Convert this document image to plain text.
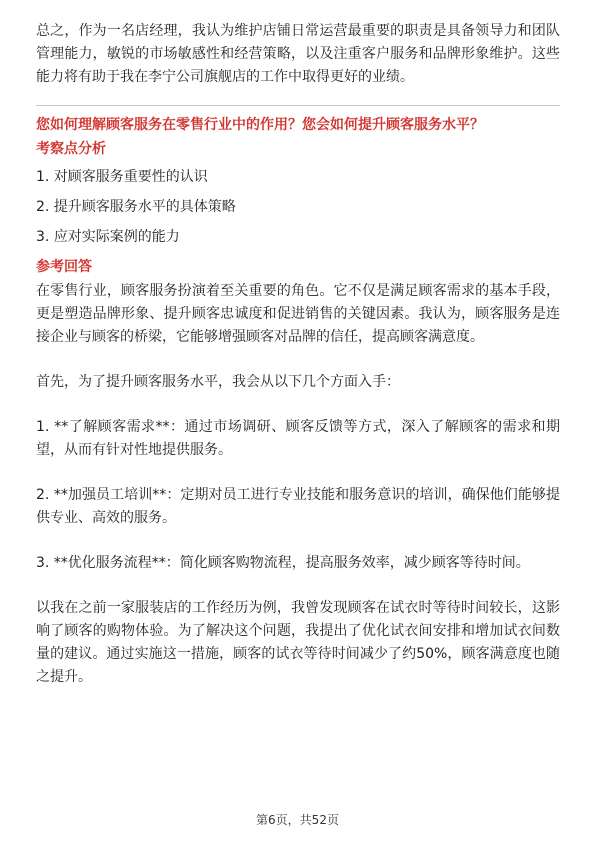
总之，作为一名店经理，我认为维护店铺日常运营最重要的职责是具备领导力和团队管理能力，敏锐的市场敏感性和经营策略，以及注重客户服务和品牌形象维护。这些能力将有助于我在李宁公司旗舰店的工作中取得更好的业绩。

您如何理解顾客服务在零售行业中的作用？您会如何提升顾客服务水平？

考察点分析

1. 对顾客服务重要性的认识

2. 提升顾客服务水平的具体策略

3. 应对实际案例的能力

参考回答

在零售行业，顾客服务扮演着至关重要的角色。它不仅是满足顾客需求的基本手段，更是塑造品牌形象、提升顾客忠诚度和促进销售的关键因素。我认为，顾客服务是连接企业与顾客的桥梁，它能够增强顾客对品牌的信任，提高顾客满意度。

首先，为了提升顾客服务水平，我会从以下几个方面入手：

1. **了解顾客需求**：通过市场调研、顾客反馈等方式，深入了解顾客的需求和期望，从而有针对性地提供服务。

2. **加强员工培训**：定期对员工进行专业技能和服务意识的培训，确保他们能够提供专业、高效的服务。

3. **优化服务流程**：简化顾客购物流程，提高服务效率，减少顾客等待时间。

以我在之前一家服装店的工作经历为例，我曾发现顾客在试衣时等待时间较长，这影响了顾客的购物体验。为了解决这个问题，我提出了优化试衣间安排和增加试衣间数量的建议。通过实施这一措施，顾客的试衣等待时间减少了约50%，顾客满意度也随之提升。

第6页，共52页
